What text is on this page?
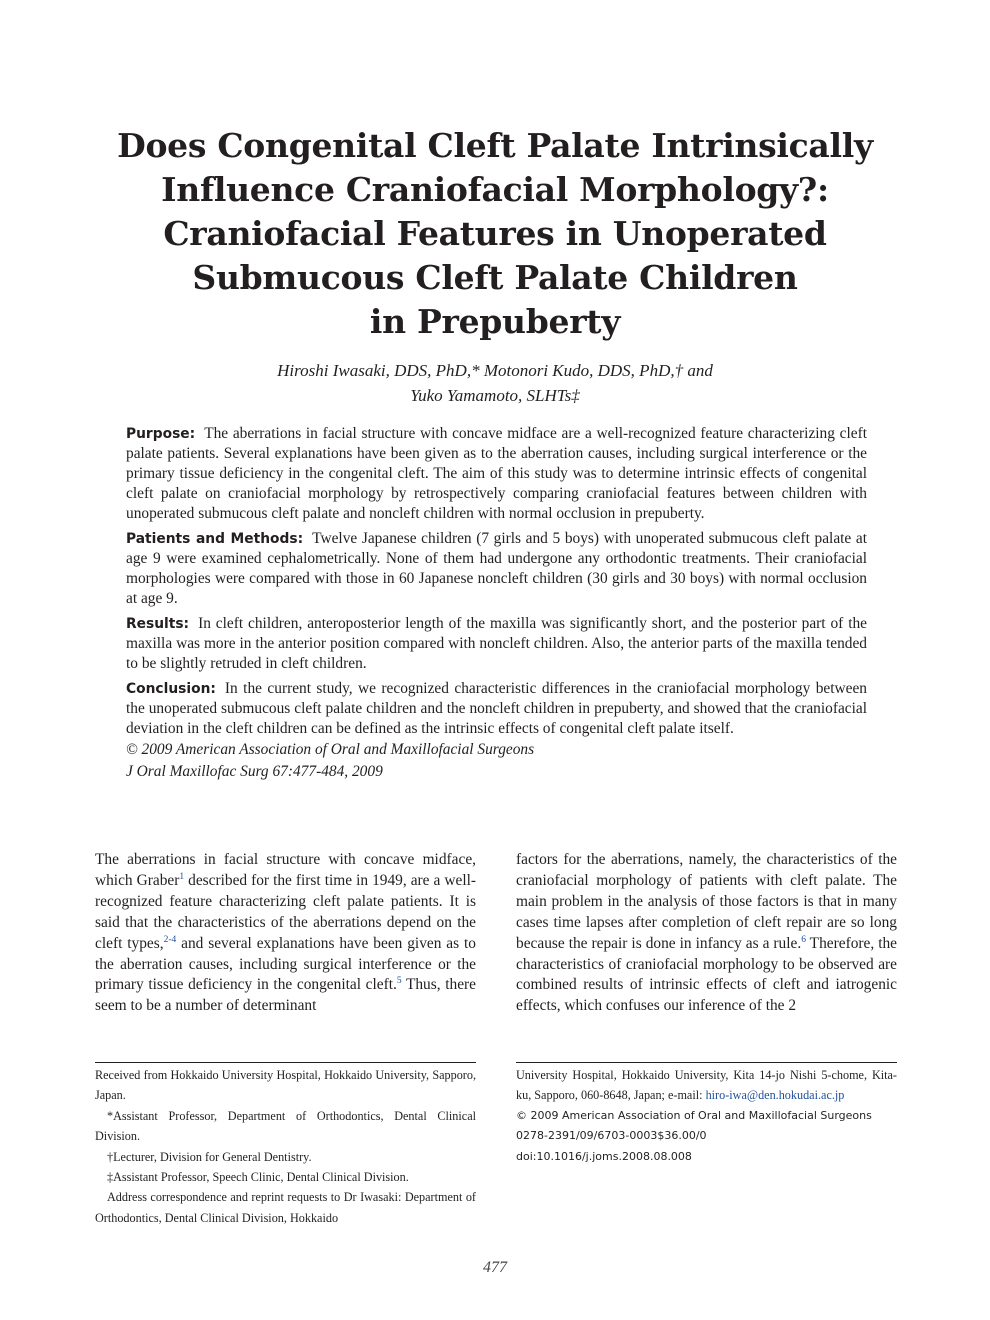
Does Congenital Cleft Palate Intrinsically
Influence Craniofacial Morphology?:
Craniofacial Features in Unoperated
Submucous Cleft Palate Children
in Prepuberty
Hiroshi Iwasaki, DDS, PhD,* Motonori Kudo, DDS, PhD,† and
Yuko Yamamoto, SLHTs‡

Purpose: The aberrations in facial structure with concave midface are a well-recognized feature characterizing cleft palate patients. Several explanations have been given as to the aberration causes, including surgical interference or the primary tissue deficiency in the congenital cleft. The aim of this study was to determine intrinsic effects of congenital cleft palate on craniofacial morphology by retrospectively comparing craniofacial features between children with unoperated submucous cleft palate and noncleft children with normal occlusion in prepuberty.

Patients and Methods: Twelve Japanese children (7 girls and 5 boys) with unoperated submucous cleft palate at age 9 were examined cephalometrically. None of them had undergone any orthodontic treatments. Their craniofacial morphologies were compared with those in 60 Japanese noncleft children (30 girls and 30 boys) with normal occlusion at age 9.

Results: In cleft children, anteroposterior length of the maxilla was significantly short, and the posterior part of the maxilla was more in the anterior position compared with noncleft children. Also, the anterior parts of the maxilla tended to be slightly retruded in cleft children.

Conclusion: In the current study, we recognized characteristic differences in the craniofacial morphology between the unoperated submucous cleft palate children and the noncleft children in prepuberty, and showed that the craniofacial deviation in the cleft children can be defined as the intrinsic effects of congenital cleft palate itself.

© 2009 American Association of Oral and Maxillofacial Surgeons
J Oral Maxillofac Surg 67:477-484, 2009
The aberrations in facial structure with concave midface, which Graber$^1$ described for the first time in 1949, are a well-recognized feature characterizing cleft palate patients. It is said that the characteristics of the aberrations depend on the cleft types,$^{2-4}$ and several explanations have been given as to the aberration causes, including surgical interference or the primary tissue deficiency in the congenital cleft.$^5$ Thus, there seem to be a number of determinant
factors for the aberrations, namely, the characteristics of the craniofacial morphology of patients with cleft palate. The main problem in the analysis of those factors is that in many cases time lapses after completion of cleft repair are so long because the repair is done in infancy as a rule.$^6$ Therefore, the characteristics of craniofacial morphology to be observed are combined results of intrinsic effects of cleft and iatrogenic effects, which confuses our inference of the 2

Received from Hokkaido University Hospital, Hokkaido University, Sapporo, Japan.

*Assistant Professor, Department of Orthodontics, Dental Clinical Division.

†Lecturer, Division for General Dentistry.

‡Assistant Professor, Speech Clinic, Dental Clinical Division.

Address correspondence and reprint requests to Dr Iwasaki: Department of Orthodontics, Dental Clinical Division, Hokkaido

University Hospital, Hokkaido University, Kita 14-jo Nishi 5-chome, Kita-ku, Sapporo, 060-8648, Japan; e-mail: hiro-iwa@den.hokudai.ac.jp

© 2009 American Association of Oral and Maxillofacial Surgeons

0278-2391/09/6703-0003$36.00/0

doi:10.1016/j.joms.2008.08.008

477
